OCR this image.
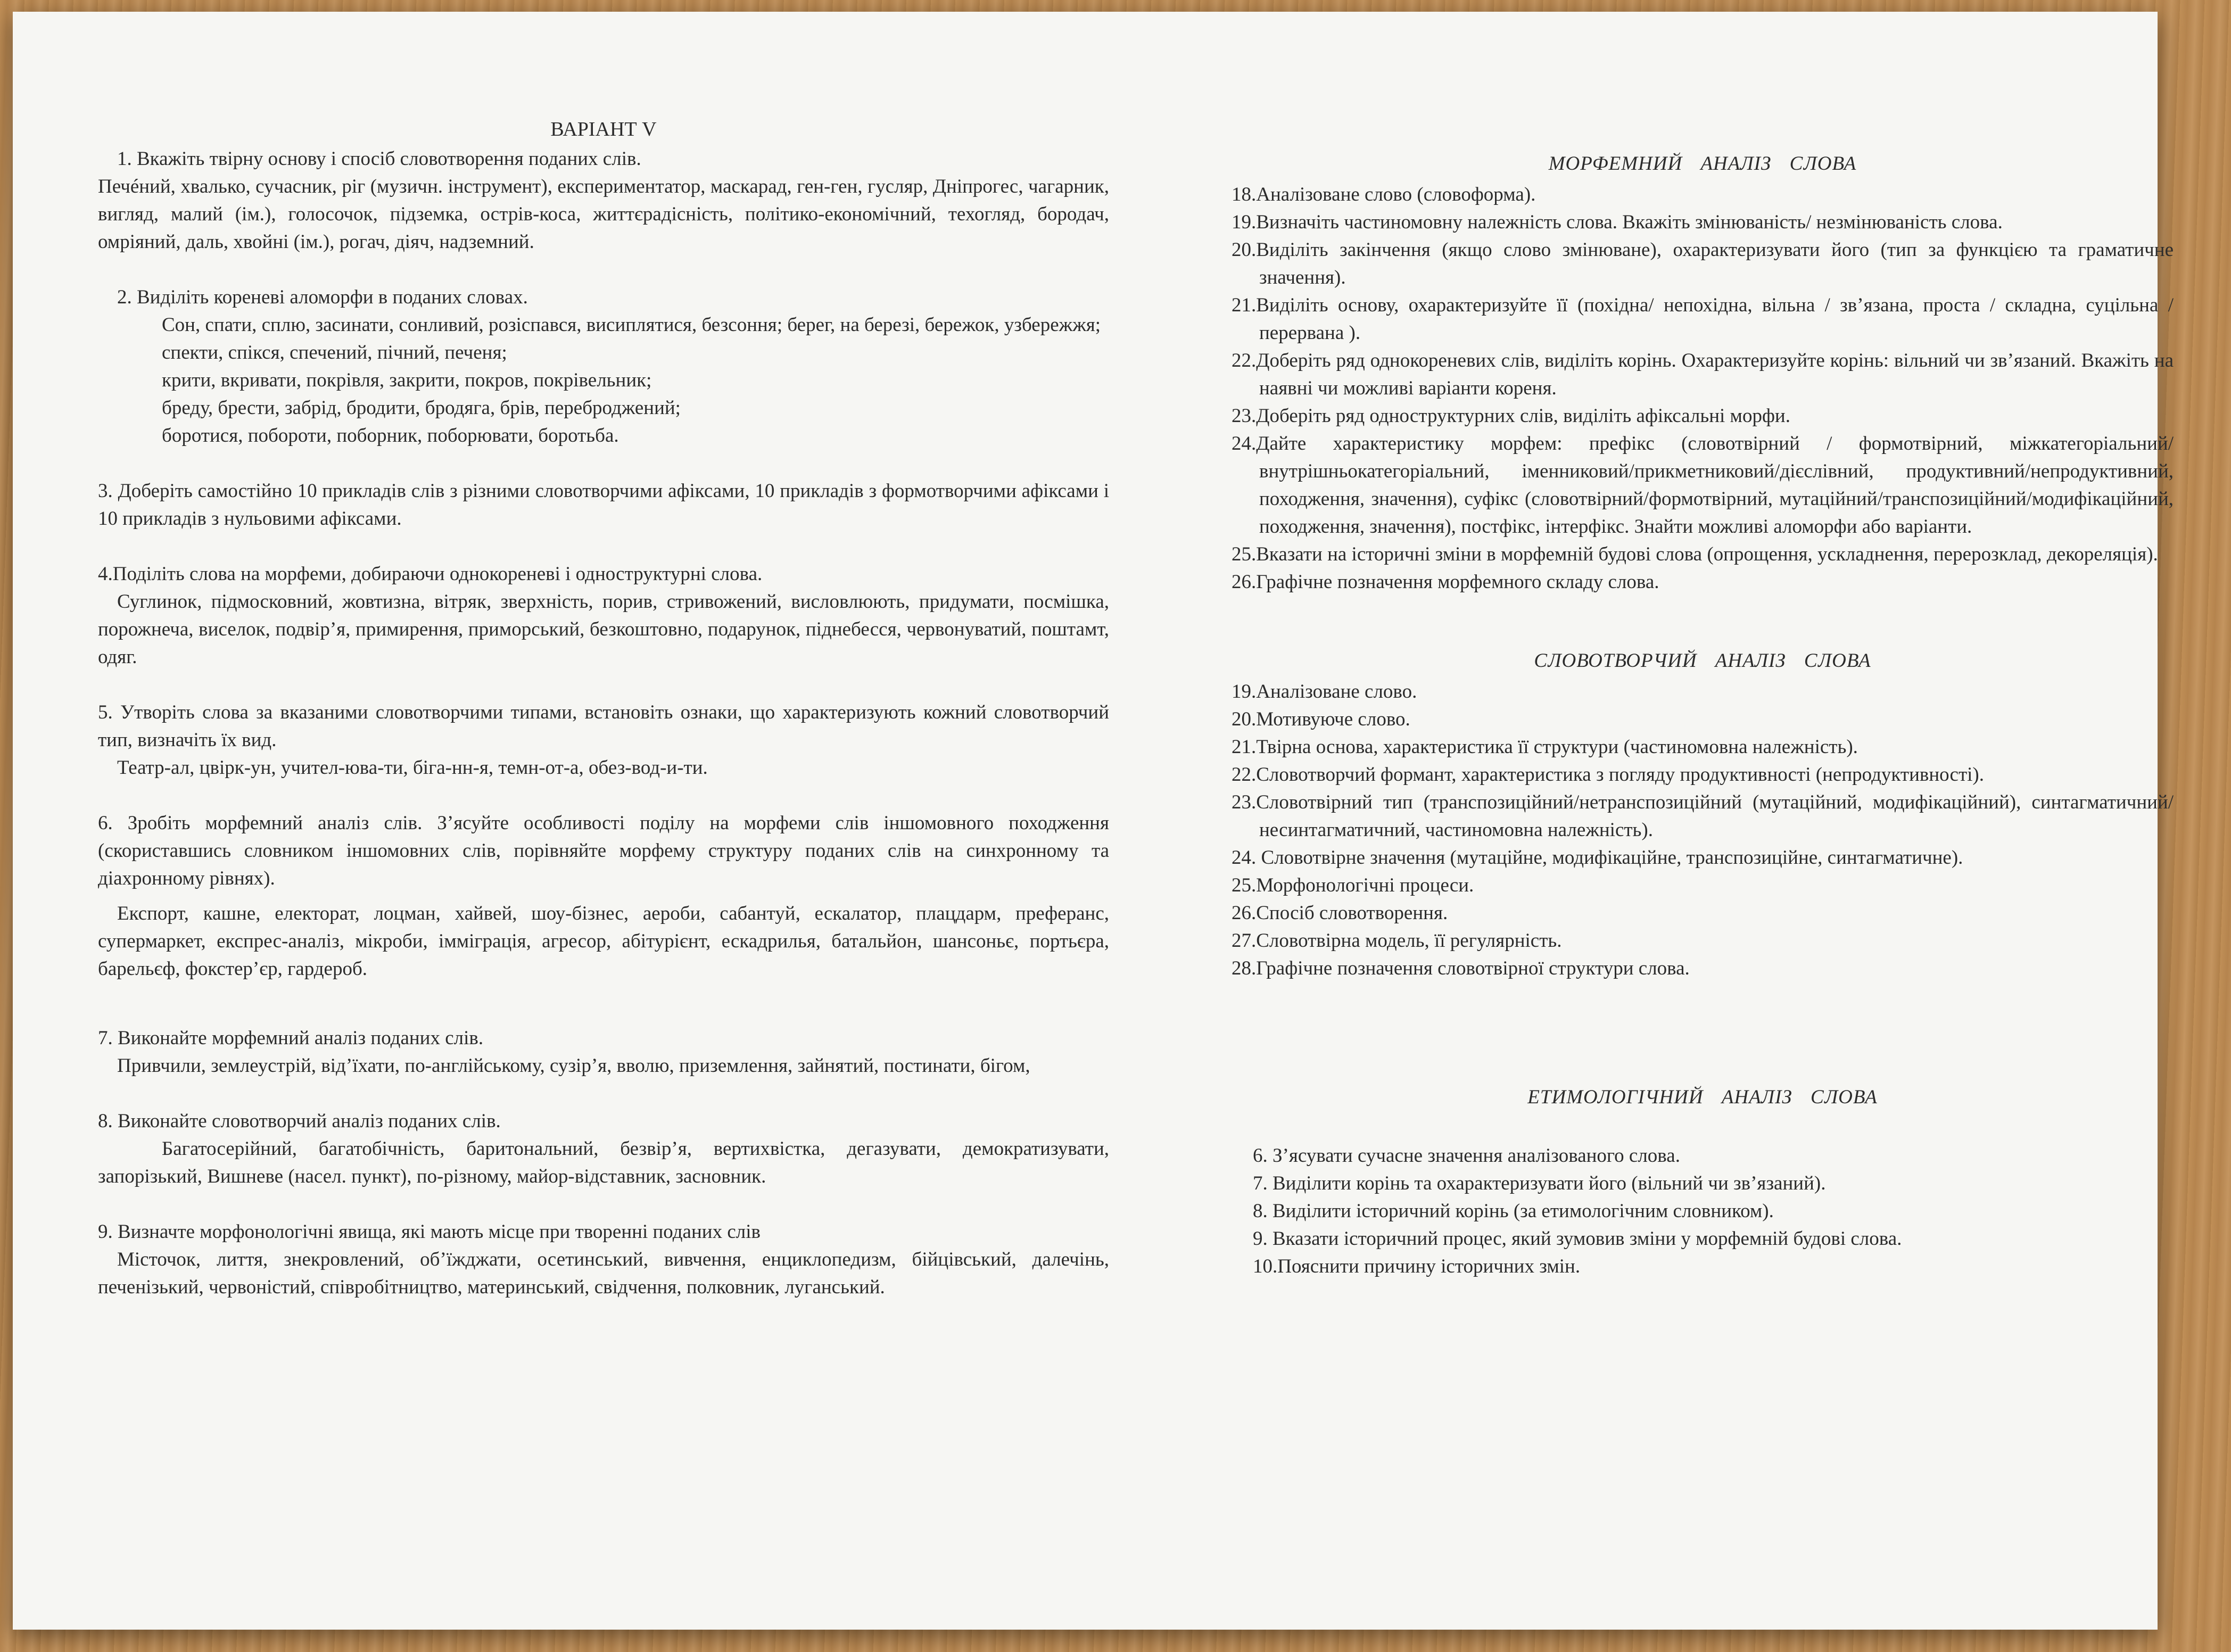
ВАРІАНТ V

1. Вкажіть твірну основу і спосіб словотворення поданих слів.

Печéний, хвалько, сучасник, ріг (музичн. інструмент), експериментатор, маскарад, ген-ген, гусляр, Дніпрогес, чагарник, вигляд, малий (ім.), голосочок, підземка, острів-коса, життєрадісність, політико-економічний, техогляд, бородач, омріяний, даль, хвойні (ім.), рогач, діяч, надземний.

2. Виділіть кореневі аломорфи в поданих словах.

Сон, спати, сплю, засинати, сонливий, розіспався, висиплятися, безсоння; берег, на березі, бережок, узбережжя;

спекти, спікся, спечений, пічний, печеня;

крити, вкривати, покрівля, закрити, покров, покрівельник;

бреду, брести, забрід, бродити, бродяга, брів, переброджений;

боротися, побороти, поборник, поборювати, боротьба.

3. Доберіть самостійно 10 прикладів слів з різними словотворчими афіксами, 10 прикладів з формотворчими афіксами і 10 прикладів з нульовими афіксами.

4.Поділіть слова на морфеми, добираючи однокореневі і одноструктурні слова.

Суглинок, підмосковний, жовтизна, вітряк, зверхність, порив, стривожений, висловлюють, придумати, посмішка, порожнеча, виселок, подвір’я, примирення, приморський, безкоштовно, подарунок, піднебесся, червонуватий, поштамт, одяг.

5. Утворіть слова за вказаними словотворчими типами, встановіть ознаки, що характеризують кожний словотворчий тип, визначіть їх вид.

Театр-ал, цвірк-ун, учител-юва-ти, біга-нн-я, темн-от-а, обез-вод-и-ти.

6. Зробіть морфемний аналіз слів. З’ясуйте особливості поділу на морфеми слів іншомовного походження (скориставшись словником іншомовних слів, порівняйте морфему структуру поданих слів на синхронному та діахронному рівнях).

Експорт, кашне, електорат, лоцман, хайвей, шоу-бізнес, аероби, сабантуй, ескалатор, плацдарм, преферанс, супермаркет, експрес-аналіз, мікроби, імміграція, агресор, абітурієнт, ескадрилья, батальйон, шансоньє, портьєра, барельєф, фокстер’єр, гардероб.

7. Виконайте морфемний аналіз поданих слів.

Привчили, землеустрій, від’їхати, по-англійському, сузір’я, вволю, приземлення, зайнятий, постинати, бігом,

8. Виконайте словотворчий аналіз поданих слів.

Багатосерійний, багатобічність, баритональний, безвір’я, вертихвістка, дегазувати, демократизувати, запорізький, Вишневе (насел. пункт), по-різному, майор-відставник, засновник.

9. Визначте морфонологічні явища, які мають місце при творенні поданих слів

Місточок, лиття, знекровлений, об’їжджати, осетинський, вивчення, енциклопедизм, бійцівський, далечінь, печенізький, червоністий, співробітництво, материнський, свідчення, полковник, луганський.

МОРФЕМНИЙ АНАЛІЗ СЛОВА

18.Аналізоване слово (словоформа).

19.Визначіть частиномовну належність слова. Вкажіть змінюваність/ незмінюваність слова.

20.Виділіть закінчення (якщо слово змінюване), охарактеризувати його (тип за функцією та граматичне значення).

21.Виділіть основу, охарактеризуйте її (похідна/ непохідна, вільна / зв’язана, проста / складна, суцільна / перервана ).

22.Доберіть ряд однокореневих слів, виділіть корінь. Охарактеризуйте корінь: вільний чи зв’язаний. Вкажіть на наявні чи можливі варіанти кореня.

23.Доберіть ряд одноструктурних слів, виділіть афіксальні морфи.

24.Дайте характеристику морфем: префікс (словотвірний / формотвірний, міжкатегоріальний/внутрішньокатегоріальний, іменниковий/прикметниковий/дієслівний, продуктивний/непродуктивний, походження, значення), суфікс (словотвірний/формотвірний, мутаційний/транспозиційний/модифікаційний, походження, значення), постфікс, інтерфікс. Знайти можливі аломорфи або варіанти.

25.Вказати на історичні зміни в морфемній будові слова (опрощення, ускладнення, перерозклад, декореляція).

26.Графічне позначення морфемного складу слова.

СЛОВОТВОРЧИЙ АНАЛІЗ СЛОВА

19.Аналізоване слово.

20.Мотивуюче слово.

21.Твірна основа, характеристика її структури (частиномовна належність).

22.Словотворчий формант, характеристика з погляду продуктивності (непродуктивності).

23.Словотвірний тип (транспозиційний/нетранспозиційний (мутаційний, модифікаційний), синтагматичний/несинтагматичний, частиномовна належність).

24. Словотвірне значення (мутаційне, модифікаційне, транспозиційне, синтагматичне).

25.Морфонологічні процеси.

26.Спосіб словотворення.

27.Словотвірна модель, її регулярність.

28.Графічне позначення словотвірної структури слова.

ЕТИМОЛОГІЧНИЙ АНАЛІЗ СЛОВА

6. З’ясувати сучасне значення аналізованого слова.

7. Виділити корінь та охарактеризувати його (вільний чи зв’язаний).

8. Виділити історичний корінь (за етимологічним словником).

9. Вказати історичний процес, який зумовив зміни у морфемній будові слова.

10.Пояснити причину історичних змін.
